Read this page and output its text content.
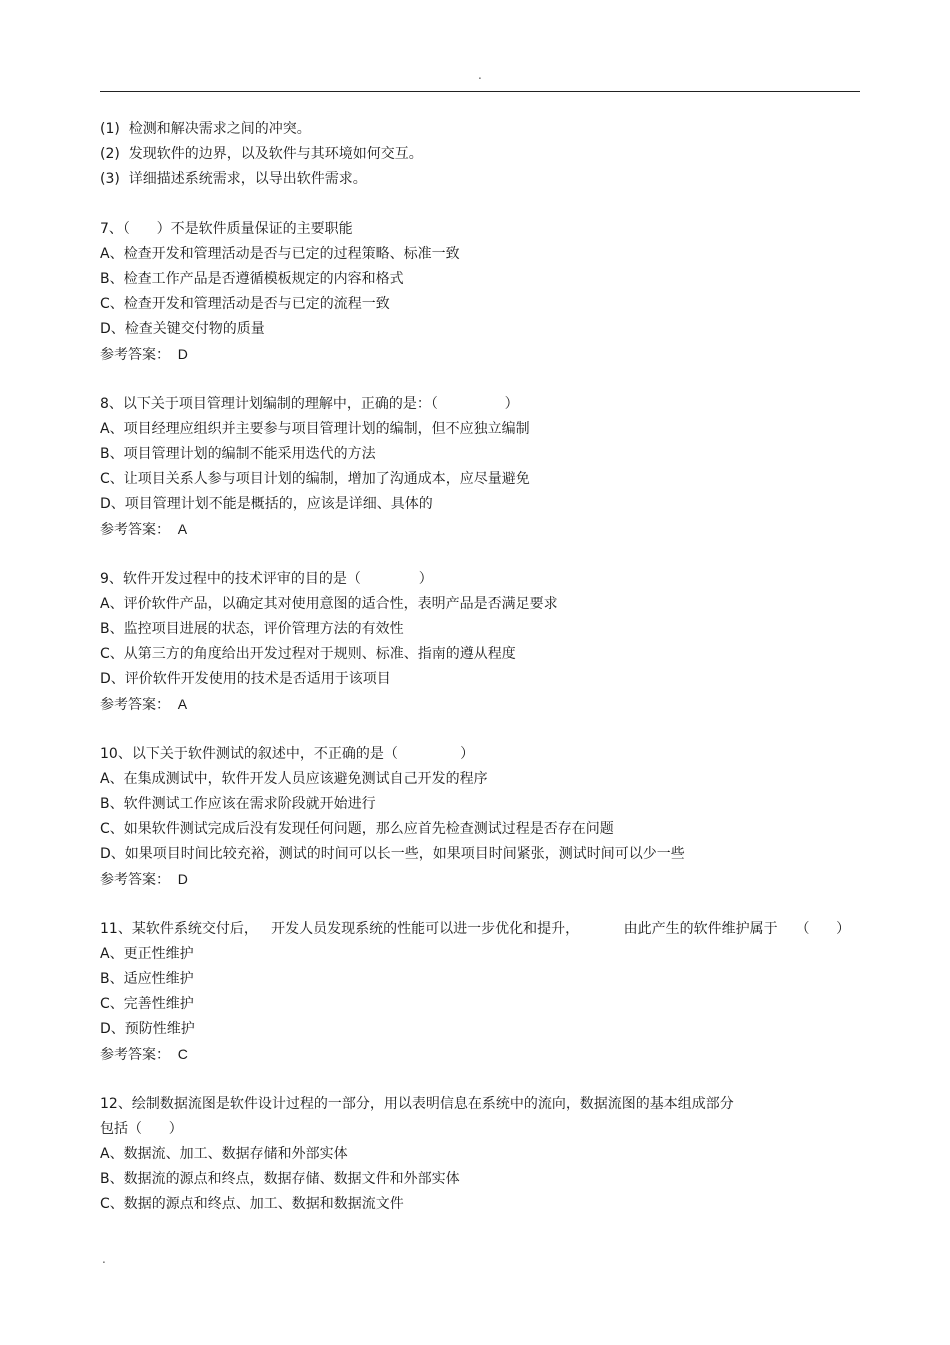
.
(1)  检测和解决需求之间的冲突。
(2)  发现软件的边界，以及软件与其环境如何交互。
(3)  详细描述系统需求，以导出软件需求。
7、（      ）不是软件质量保证的主要职能
A、检查开发和管理活动是否与已定的过程策略、标准一致
B、检查工作产品是否遵循模板规定的内容和格式
C、检查开发和管理活动是否与已定的流程一致
D、检查关键交付物的质量
参考答案：  D
8、以下关于项目管理计划编制的理解中，正确的是：（               ）
A、项目经理应组织并主要参与项目管理计划的编制，但不应独立编制
B、项目管理计划的编制不能采用迭代的方法
C、让项目关系人参与项目计划的编制，增加了沟通成本，应尽量避免
D、项目管理计划不能是概括的，应该是详细、具体的
参考答案：  A
9、软件开发过程中的技术评审的目的是（             ）
A、评价软件产品，以确定其对使用意图的适合性，表明产品是否满足要求
B、监控项目进展的状态，评价管理方法的有效性
C、从第三方的角度给出开发过程对于规则、标准、指南的遵从程度
D、评价软件开发使用的技术是否适用于该项目
参考答案：  A
10、以下关于软件测试的叙述中，不正确的是（              ）
A、在集成测试中，软件开发人员应该避免测试自己开发的程序
B、软件测试工作应该在需求阶段就开始进行
C、如果软件测试完成后没有发现任何问题，那么应首先检查测试过程是否存在问题
D、如果项目时间比较充裕，测试的时间可以长一些，如果项目时间紧张，测试时间可以少一些
参考答案：  D
11、某软件系统交付后，   开发人员发现系统的性能可以进一步优化和提升，          由此产生的软件维护属于    （      ）
A、更正性维护
B、适应性维护
C、完善性维护
D、预防性维护
参考答案：  C
12、绘制数据流图是软件设计过程的一部分，用以表明信息在系统中的流向，数据流图的基本组成部分
包括（      ）
A、数据流、加工、数据存储和外部实体
B、数据流的源点和终点，数据存储、数据文件和外部实体
C、数据的源点和终点、加工、数据和数据流文件
.
